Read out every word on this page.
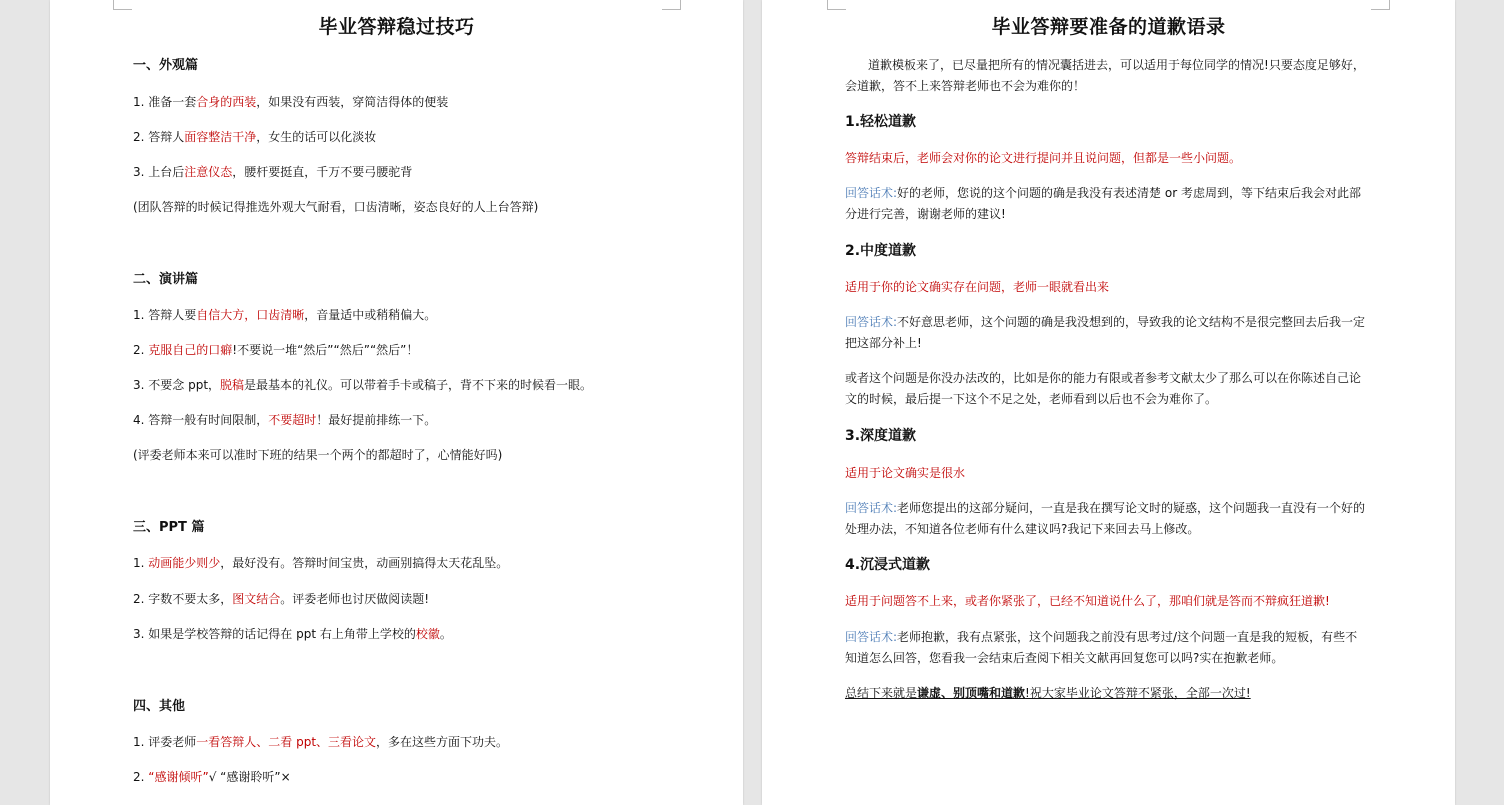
毕业答辩稳过技巧
一、外观篇
1. 准备一套合身的西装，如果没有西装，穿简洁得体的便装
2. 答辩人面容整洁干净，女生的话可以化淡妆
3. 上台后注意仪态，腰杆要挺直，千万不要弓腰驼背
(团队答辩的时候记得推选外观大气耐看，口齿清晰，姿态良好的人上台答辩)
二、演讲篇
1. 答辩人要自信大方，口齿清晰，音量适中或稍稍偏大。
2. 克服自己的口癖!不要说一堆“然后”“然后”“然后”！
3. 不要念 ppt，脱稿是最基本的礼仪。可以带着手卡或稿子，背不下来的时候看一眼。
4. 答辩一般有时间限制，不要超时！最好提前排练一下。
(评委老师本来可以准时下班的结果一个两个的都超时了，心情能好吗)
三、PPT 篇
1. 动画能少则少，最好没有。答辩时间宝贵，动画别搞得太天花乱坠。
2. 字数不要太多，图文结合。评委老师也讨厌做阅读题!
3. 如果是学校答辩的话记得在 ppt 右上角带上学校的校徽。
四、其他
1. 评委老师一看答辩人、二看 ppt、三看论文，多在这些方面下功夫。
2. “感谢倾听”√ “感谢聆听”×
毕业答辩要准备的道歉语录
道歉模板来了，已尽量把所有的情况囊括进去，可以适用于每位同学的情况!只要态度足够好，
会道歉，答不上来答辩老师也不会为难你的！
1.轻松道歉
答辩结束后，老师会对你的论文进行提问并且说问题，但都是一些小问题。
回答话术:好的老师，您说的这个问题的确是我没有表述清楚 or 考虑周到，等下结束后我会对此部
分进行完善，谢谢老师的建议!
2.中度道歉
适用于你的论文确实存在问题，老师一眼就看出来
回答话术:不好意思老师，这个问题的确是我没想到的，导致我的论文结构不是很完整回去后我一定
把这部分补上!
或者这个问题是你没办法改的，比如是你的能力有限或者参考文献太少了那么可以在你陈述自己论
文的时候，最后提一下这个不足之处，老师看到以后也不会为难你了。
3.深度道歉
适用于论文确实是很水
回答话术:老师您提出的这部分疑问，一直是我在撰写论文时的疑惑，这个问题我一直没有一个好的
处理办法，不知道各位老师有什么建议吗?我记下来回去马上修改。
4.沉浸式道歉
适用于问题答不上来，或者你紧张了，已经不知道说什么了，那咱们就是答而不辩疯狂道歉!
回答话术:老师抱歉，我有点紧张，这个问题我之前没有思考过/这个问题一直是我的短板，有些不
知道怎么回答，您看我一会结束后查阅下相关文献再回复您可以吗?实在抱歉老师。
总结下来就是谦虚、别顶嘴和道歉!祝大家毕业论文答辩不紧张，全部一次过!
